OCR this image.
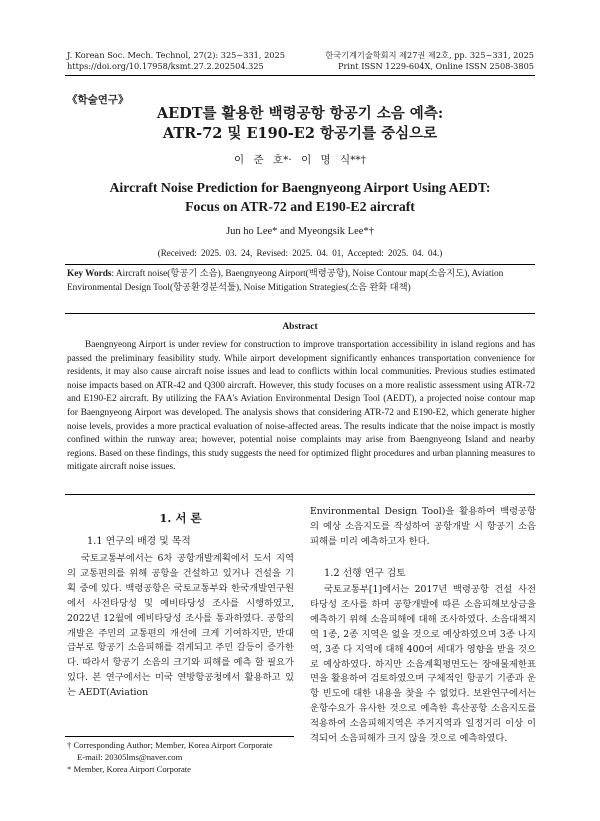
J. Korean Soc. Mech. Technol, 27(2): 325~331, 2025
https://doi.org/10.17958/ksmt.27.2.202504.325
한국기계기술학회지 제27권 제2호, pp. 325~331, 2025
Print ISSN 1229-604X, Online ISSN 2508-3805
《학술연구》
AEDT를 활용한 백령공항 항공기 소음 예측:
ATR-72 및 E190-E2 항공기를 중심으로
이 준 호*· 이 명 식**†
Aircraft Noise Prediction for Baengnyeong Airport Using AEDT:
Focus on ATR-72 and E190-E2 aircraft
Jun ho Lee* and Myeongsik Lee*†
(Received: 2025. 03. 24, Revised: 2025. 04. 01, Accepted: 2025. 04. 04.)
Key Words: Aircraft noise(항공기 소음), Baengnyeong Airport(백령공항), Noise Contour map(소음지도), Aviation Environmental Design Tool(항공환경분석툴), Noise Mitigation Strategies(소음 완화 대책)
Abstract
Baengnyeong Airport is under review for construction to improve transportation accessibility in island regions and has passed the preliminary feasibility study. While airport development significantly enhances transportation convenience for residents, it may also cause aircraft noise issues and lead to conflicts within local communities. Previous studies estimated noise impacts based on ATR-42 and Q300 aircraft. However, this study focuses on a more realistic assessment using ATR-72 and E190-E2 aircraft. By utilizing the FAA's Aviation Environmental Design Tool (AEDT), a projected noise contour map for Baengnyeong Airport was developed. The analysis shows that considering ATR-72 and E190-E2, which generate higher noise levels, provides a more practical evaluation of noise-affected areas. The results indicate that the noise impact is mostly confined within the runway area; however, potential noise complaints may arise from Baengnyeong Island and nearby regions. Based on these findings, this study suggests the need for optimized flight procedures and urban planning measures to mitigate aircraft noise issues.
1. 서 론
1.1 연구의 배경 및 목적
국토교통부에서는 6차 공항개발계획에서 도서 지역의 교통편의를 위해 공항을 건설하고 있거나 건설을 기획 중에 있다. 백령공항은 국토교통부와 한국개발연구원에서 사전타당성 및 예비타당성 조사를 시행하였고, 2022년 12월에 예비타당성 조사를 통과하였다. 공항의 개발은 주민의 교통편의 개선에 크게 기여하지만, 반대급부로 항공기 소음피해를 겪게되고 주민 갈등이 증가한다. 따라서 항공기 소음의 크기와 피해를 예측 할 필요가 있다. 본 연구에서는 미국 연방항공청에서 활용하고 있는 AEDT(Aviation
† Corresponding Author; Member, Korea Airport Corporate
E-mail: 20305lms@naver.com
* Member, Korea Airport Corporate
Environmental Design Tool)을 활용하여 백령공항의 예상 소음지도를 작성하여 공항개발 시 항공기 소음피해를 미리 예측하고자 한다.
1.2 선행 연구 검토
국토교통부[1]에서는 2017년 백령공항 건설 사전 타당성 조사를 하며 공항개발에 따른 소음피해보상금을 예측하기 위해 소음피해에 대해 조사하였다. 소음대책지역 1종, 2종 지역은 없을 것으로 예상하였으며 3종 나지역, 3종 다 지역에 대해 400여 세대가 영향을 받을 것으로 예상하였다. 하지만 소음계획평면도는 장애물제한표면을 활용하여 검토하였으며 구체적인 항공기 기종과 운항 빈도에 대한 내용을 찾을 수 없었다. 보완연구에서는 운항수요가 유사한 것으로 예측한 흑산공항 소음지도를 적용하여 소음피해지역은 주거지역과 일정거리 이상 이격되어 소음피해가 크지 않을 것으로 예측하였다.
